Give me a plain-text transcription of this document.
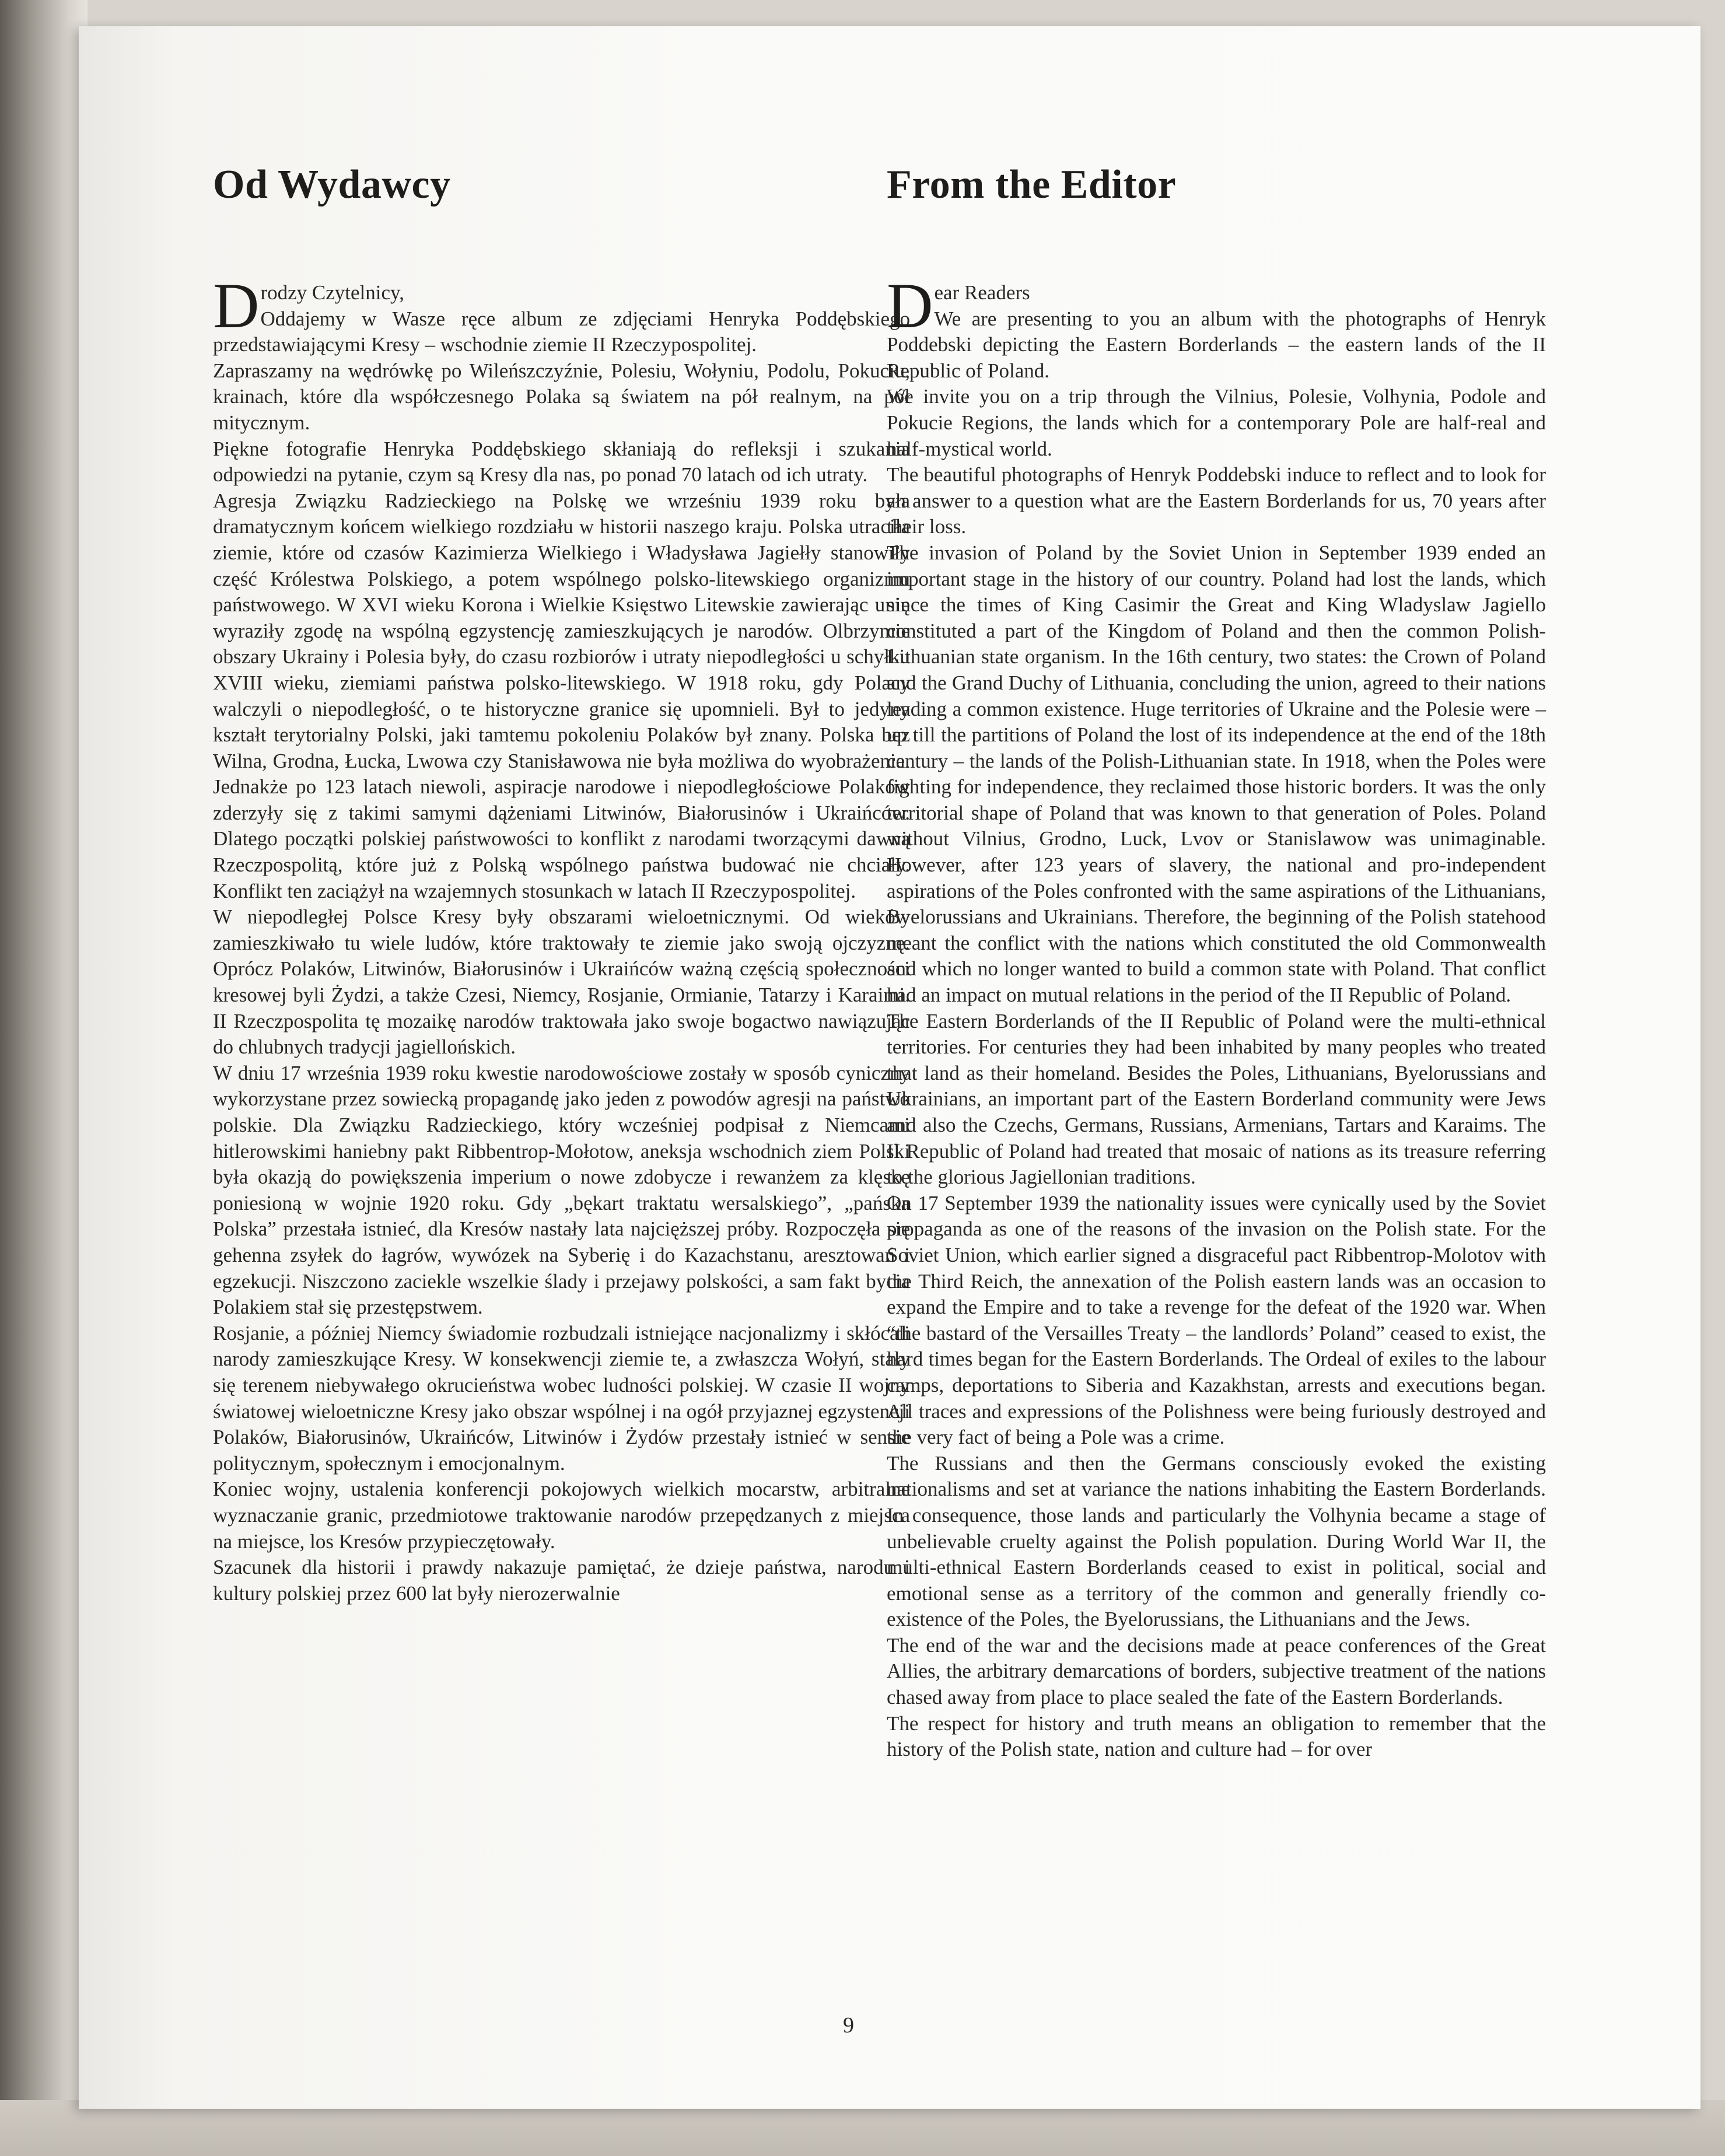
Od Wydawcy
Drodzy Czytelnicy,

Oddajemy w Wasze ręce album ze zdjęciami Henryka Poddębskiego przedstawiającymi Kresy – wschodnie ziemie II Rzeczypospolitej.

Zapraszamy na wędrówkę po Wileńszczyźnie, Polesiu, Wołyniu, Podolu, Pokuciu, krainach, które dla współczesnego Polaka są światem na pół realnym, na pół mitycznym.

Piękne fotografie Henryka Poddębskiego skłaniają do refleksji i szukania odpowiedzi na pytanie, czym są Kresy dla nas, po ponad 70 latach od ich utraty.

Agresja Związku Radzieckiego na Polskę we wrześniu 1939 roku była dramatycznym końcem wielkiego rozdziału w historii naszego kraju. Polska utraciła ziemie, które od czasów Kazimierza Wielkiego i Władysława Jagiełły stanowiły część Królestwa Polskiego, a potem wspólnego polsko-litewskiego organizmu państwowego. W XVI wieku Korona i Wielkie Księstwo Litewskie zawierając unię wyraziły zgodę na wspólną egzystencję zamieszkujących je narodów. Olbrzymie obszary Ukrainy i Polesia były, do czasu rozbiorów i utraty niepodległości u schyłku XVIII wieku, ziemiami państwa polsko-litewskiego. W 1918 roku, gdy Polacy walczyli o niepodległość, o te historyczne granice się upomnieli. Był to jedyny kształt terytorialny Polski, jaki tamtemu pokoleniu Polaków był znany. Polska bez Wilna, Grodna, Łucka, Lwowa czy Stanisławowa nie była możliwa do wyobrażenia. Jednakże po 123 latach niewoli, aspiracje narodowe i niepodległościowe Polaków zderzyły się z takimi samymi dążeniami Litwinów, Białorusinów i Ukraińców. Dlatego początki polskiej państwowości to konflikt z narodami tworzącymi dawną Rzeczpospolitą, które już z Polską wspólnego państwa budować nie chciały. Konflikt ten zaciążył na wzajemnych stosunkach w latach II Rzeczypospolitej.

W niepodległej Polsce Kresy były obszarami wieloetnicznymi. Od wieków zamieszkiwało tu wiele ludów, które traktowały te ziemie jako swoją ojczyznę. Oprócz Polaków, Litwinów, Białorusinów i Ukraińców ważną częścią społeczności kresowej byli Żydzi, a także Czesi, Niemcy, Rosjanie, Ormianie, Tatarzy i Karaimi. II Rzeczpospolita tę mozaikę narodów traktowała jako swoje bogactwo nawiązując do chlubnych tradycji jagiellońskich.

W dniu 17 września 1939 roku kwestie narodowościowe zostały w sposób cyniczny wykorzystane przez sowiecką propagandę jako jeden z powodów agresji na państwo polskie. Dla Związku Radzieckiego, który wcześniej podpisał z Niemcami hitlerowskimi haniebny pakt Ribbentrop-Mołotow, aneksja wschodnich ziem Polski była okazją do powiększenia imperium o nowe zdobycze i rewanżem za klęskę poniesioną w wojnie 1920 roku. Gdy „bękart traktatu wersalskiego”, „pańska Polska” przestała istnieć, dla Kresów nastały lata najcięższej próby. Rozpoczęła się gehenna zsyłek do łagrów, wywózek na Syberię i do Kazachstanu, aresztowań i egzekucji. Niszczono zaciekle wszelkie ślady i przejawy polskości, a sam fakt bycia Polakiem stał się przestępstwem.

Rosjanie, a później Niemcy świadomie rozbudzali istniejące nacjonalizmy i skłócali narody zamieszkujące Kresy. W konsekwencji ziemie te, a zwłaszcza Wołyń, stały się terenem niebywałego okrucieństwa wobec ludności polskiej. W czasie II wojny światowej wieloetniczne Kresy jako obszar wspólnej i na ogół przyjaznej egzystencji Polaków, Białorusinów, Ukraińców, Litwinów i Żydów przestały istnieć w sensie politycznym, społecznym i emocjonalnym.

Koniec wojny, ustalenia konferencji pokojowych wielkich mocarstw, arbitralne wyznaczanie granic, przedmiotowe traktowanie narodów przepędzanych z miejsca na miejsce, los Kresów przypieczętowały.

Szacunek dla historii i prawdy nakazuje pamiętać, że dzieje państwa, narodu i kultury polskiej przez 600 lat były nierozerwalnie

From the Editor
Dear Readers

We are presenting to you an album with the photographs of Henryk Poddebski depicting the Eastern Borderlands – the eastern lands of the II Republic of Poland.

We invite you on a trip through the Vilnius, Polesie, Volhynia, Podole and Pokucie Regions, the lands which for a contemporary Pole are half-real and half-mystical world.

The beautiful photographs of Henryk Poddebski induce to reflect and to look for an answer to a question what are the Eastern Borderlands for us, 70 years after their loss.

The invasion of Poland by the Soviet Union in September 1939 ended an important stage in the history of our country. Poland had lost the lands, which since the times of King Casimir the Great and King Wladyslaw Jagiello constituted a part of the Kingdom of Poland and then the common Polish-Lithuanian state organism. In the 16th century, two states: the Crown of Poland and the Grand Duchy of Lithuania, concluding the union, agreed to their nations leading a common existence. Huge territories of Ukraine and the Polesie were – up till the partitions of Poland the lost of its independence at the end of the 18th century – the lands of the Polish-Lithuanian state. In 1918, when the Poles were fighting for independence, they reclaimed those historic borders. It was the only territorial shape of Poland that was known to that generation of Poles. Poland without Vilnius, Grodno, Luck, Lvov or Stanislawow was unimaginable. However, after 123 years of slavery, the national and pro-independent aspirations of the Poles confronted with the same aspirations of the Lithuanians, Byelorussians and Ukrainians. Therefore, the beginning of the Polish statehood meant the conflict with the nations which constituted the old Commonwealth and which no longer wanted to build a common state with Poland. That conflict had an impact on mutual relations in the period of the II Republic of Poland.

The Eastern Borderlands of the II Republic of Poland were the multi-ethnical territories. For centuries they had been inhabited by many peoples who treated that land as their homeland. Besides the Poles, Lithuanians, Byelorussians and Ukrainians, an important part of the Eastern Borderland community were Jews and also the Czechs, Germans, Russians, Armenians, Tartars and Karaims. The II Republic of Poland had treated that mosaic of nations as its treasure referring to the glorious Jagiellonian traditions.

On 17 September 1939 the nationality issues were cynically used by the Soviet propaganda as one of the reasons of the invasion on the Polish state. For the Soviet Union, which earlier signed a disgraceful pact Ribbentrop-Molotov with the Third Reich, the annexation of the Polish eastern lands was an occasion to expand the Empire and to take a revenge for the defeat of the 1920 war. When “the bastard of the Versailles Treaty – the landlords’ Poland” ceased to exist, the hard times began for the Eastern Borderlands. The Ordeal of exiles to the labour camps, deportations to Siberia and Kazakhstan, arrests and executions began. All traces and expressions of the Polishness were being furiously destroyed and the very fact of being a Pole was a crime.

The Russians and then the Germans consciously evoked the existing nationalisms and set at variance the nations inhabiting the Eastern Borderlands. In consequence, those lands and particularly the Volhynia became a stage of unbelievable cruelty against the Polish population. During World War II, the multi-ethnical Eastern Borderlands ceased to exist in political, social and emotional sense as a territory of the common and generally friendly co-existence of the Poles, the Byelorussians, the Lithuanians and the Jews.

The end of the war and the decisions made at peace conferences of the Great Allies, the arbitrary demarcations of borders, subjective treatment of the nations chased away from place to place sealed the fate of the Eastern Borderlands.

The respect for history and truth means an obligation to remember that the history of the Polish state, nation and culture had – for over

9
